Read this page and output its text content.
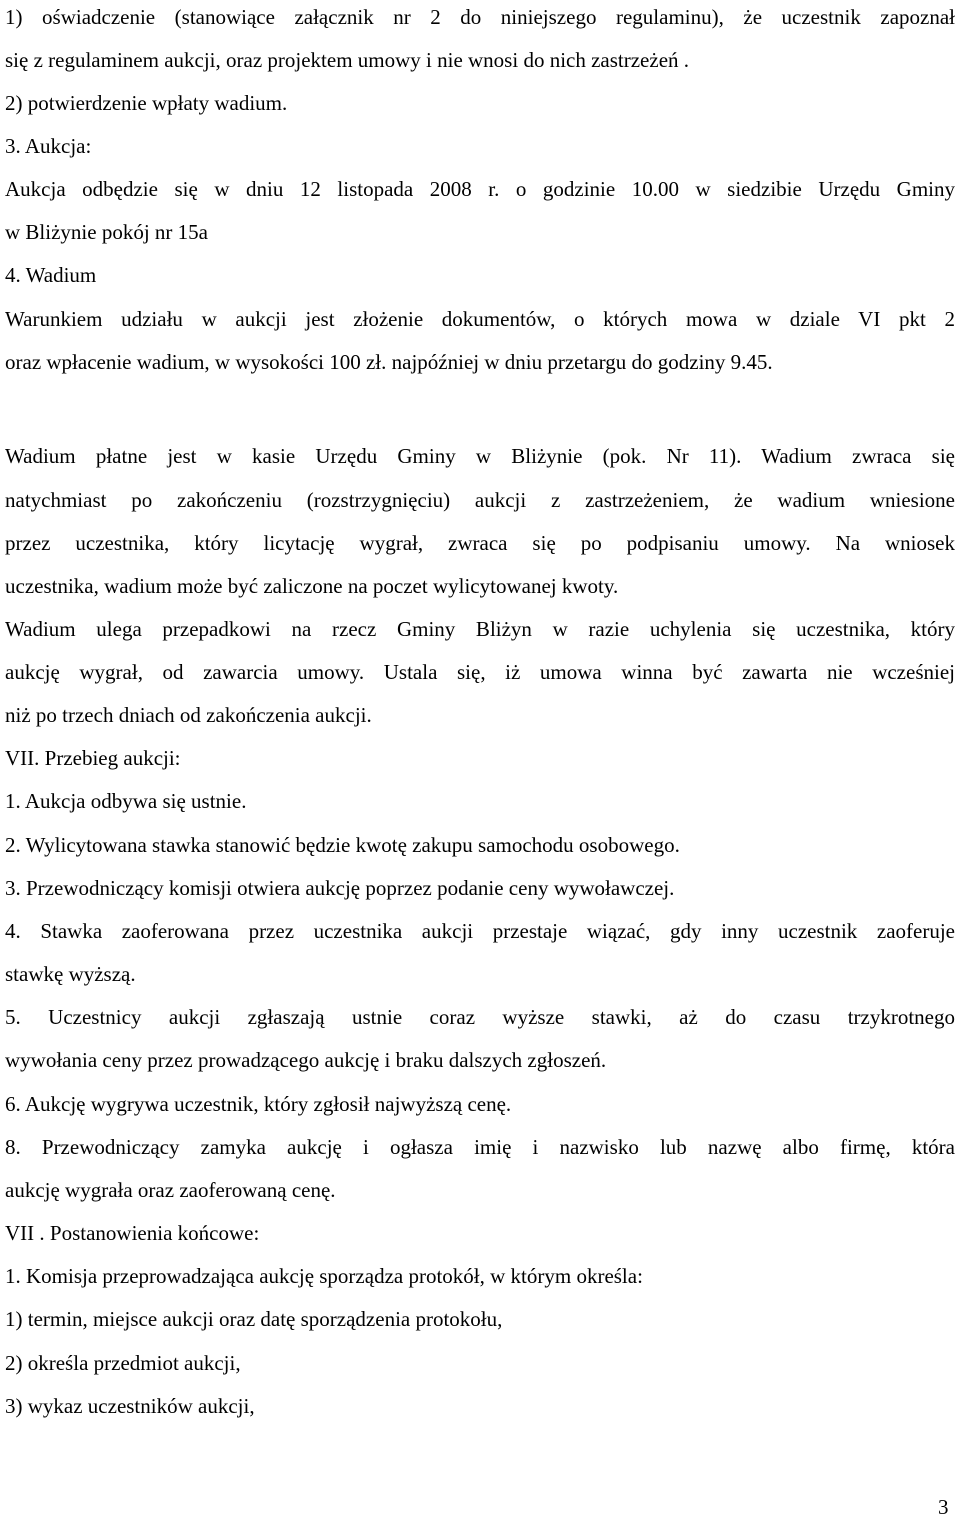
1) oświadczenie (stanowiące załącznik nr 2 do niniejszego regulaminu), że uczestnik zapoznał
się z regulaminem aukcji, oraz projektem umowy i nie wnosi do nich zastrzeżeń .
2) potwierdzenie wpłaty wadium.
3. Aukcja:
Aukcja odbędzie się w dniu 12 listopada 2008 r. o godzinie 10.00 w siedzibie Urzędu Gminy
w Bliżynie pokój nr 15a
4. Wadium
Warunkiem udziału w aukcji jest złożenie dokumentów, o których mowa w dziale VI pkt 2
oraz wpłacenie wadium, w wysokości 100 zł. najpóźniej w dniu przetargu do godziny 9.45.
Wadium płatne jest w kasie Urzędu Gminy w Bliżynie (pok. Nr 11). Wadium zwraca się
natychmiast po zakończeniu (rozstrzygnięciu) aukcji z zastrzeżeniem, że wadium wniesione
przez uczestnika, który licytację wygrał, zwraca się po podpisaniu umowy. Na wniosek
uczestnika, wadium może być zaliczone na poczet wylicytowanej kwoty.
Wadium ulega przepadkowi na rzecz Gminy Bliżyn w razie uchylenia się uczestnika, który
aukcję wygrał, od zawarcia umowy. Ustala się, iż umowa winna być zawarta nie wcześniej
niż po trzech dniach od zakończenia aukcji.
VII. Przebieg aukcji:
1. Aukcja odbywa się ustnie.
2. Wylicytowana stawka stanowić będzie kwotę zakupu samochodu osobowego.
3. Przewodniczący komisji otwiera aukcję poprzez podanie ceny wywoławczej.
4. Stawka zaoferowana przez uczestnika aukcji przestaje wiązać, gdy inny uczestnik zaoferuje
stawkę wyższą.
5. Uczestnicy aukcji zgłaszają ustnie coraz wyższe stawki, aż do czasu trzykrotnego
wywołania ceny przez prowadzącego aukcję i braku dalszych zgłoszeń.
6. Aukcję wygrywa uczestnik, który zgłosił najwyższą cenę.
8. Przewodniczący zamyka aukcję i ogłasza imię i nazwisko lub nazwę albo firmę, która
aukcję wygrała oraz zaoferowaną cenę.
VII . Postanowienia końcowe:
1. Komisja przeprowadzająca aukcję sporządza protokół, w którym określa:
1) termin, miejsce aukcji oraz datę sporządzenia protokołu,
2) określa przedmiot aukcji,
3) wykaz uczestników aukcji,
3
